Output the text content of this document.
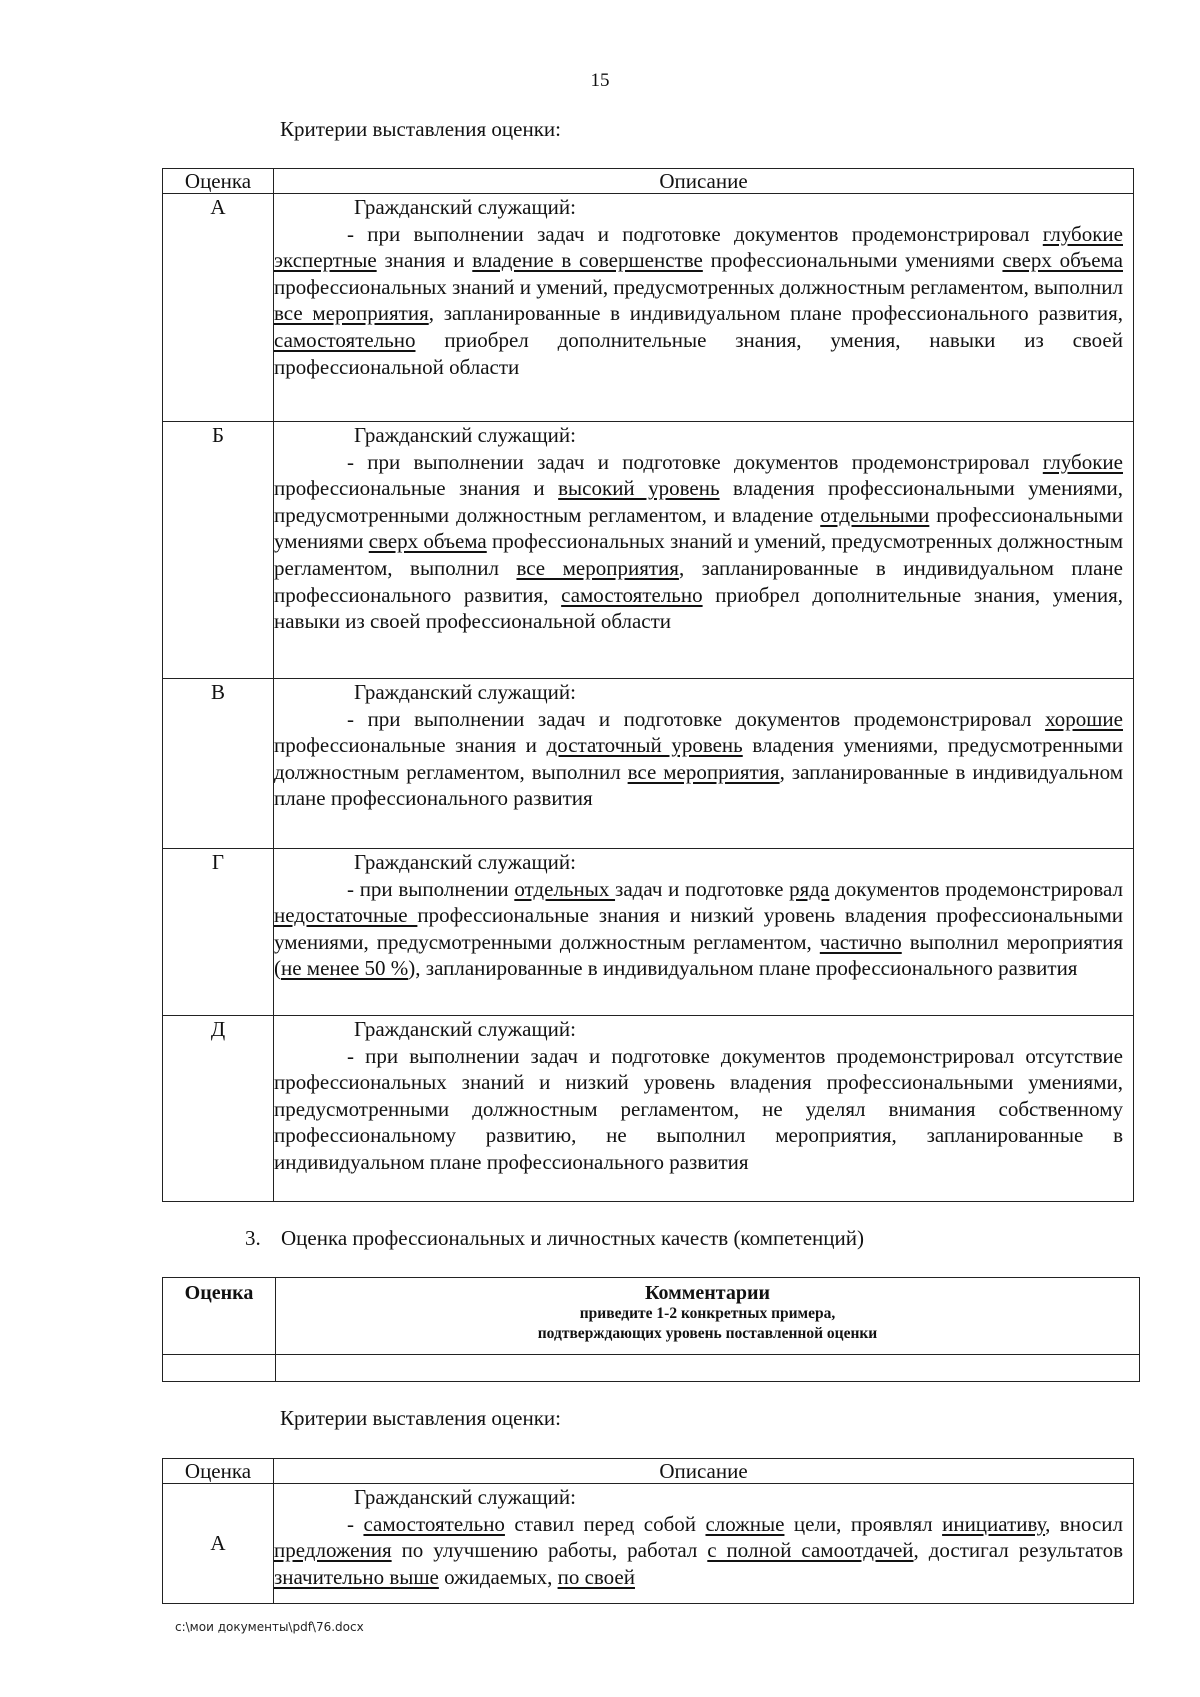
15
Критерии выставления оценки:
Оценка	Описание
А	Гражданский служащий:
- при выполнении задач и подготовке документов продемонстрировал глубокие экспертные знания и владение в совершенстве профессиональными умениями сверх объема профессиональных знаний и умений, предусмотренных должностным регламентом, выполнил все мероприятия, запланированные в индивидуальном плане профессионального развития, самостоятельно приобрел дополнительные знания, умения, навыки из своей профессиональной области

Б	Гражданский служащий:
- при выполнении задач и подготовке документов продемонстрировал глубокие профессиональные знания и высокий уровень владения профессиональными умениями, предусмотренными должностным регламентом, и владение отдельными профессиональными умениями сверх объема профессиональных знаний и умений, предусмотренных должностным регламентом, выполнил все мероприятия, запланированные в индивидуальном плане профессионального развития, самостоятельно приобрел дополнительные знания, умения, навыки из своей профессиональной области

В	Гражданский служащий:
- при выполнении задач и подготовке документов продемонстрировал хорошие профессиональные знания и достаточный уровень владения умениями, предусмотренными должностным регламентом, выполнил все мероприятия, запланированные в индивидуальном плане профессионального развития

Г	Гражданский служащий:
- при выполнении отдельных задач и подготовке ряда документов продемонстрировал недостаточные профессиональные знания и низкий уровень владения профессиональными умениями, предусмотренными должностным регламентом, частично выполнил мероприятия (не менее 50 %), запланированные в индивидуальном плане профессионального развития

Д	Гражданский служащий:
- при выполнении задач и подготовке документов продемонстрировал отсутствие профессиональных знаний и низкий уровень владения профессиональными умениями, предусмотренными должностным регламентом, не уделял внимания собственному профессиональному развитию, не выполнил мероприятия, запланированные в индивидуальном плане профессионального развития
3. Оценка профессиональных и личностных качеств (компетенций)
Оценка	Комментарии
приведите 1-2 конкретных примера,
подтверждающих уровень поставленной оценки

Критерии выставления оценки:
Оценка	Описание
А	Гражданский служащий:
- самостоятельно ставил перед собой сложные цели, проявлял инициативу, вносил предложения по улучшению работы, работал с полной самоотдачей, достигал результатов значительно выше ожидаемых, по своей
c:\мои документы\pdf\76.docx
